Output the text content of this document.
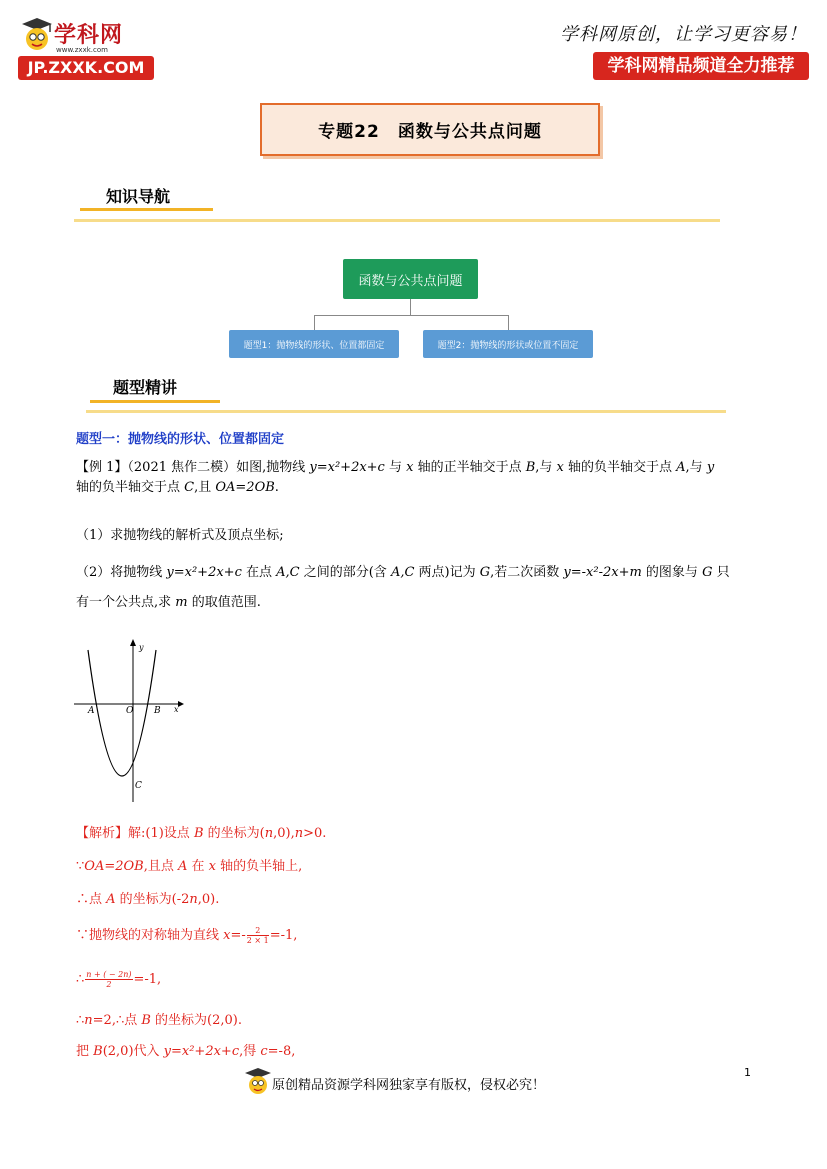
学科网
www.zxxk.com
JP.ZXXK.COM
学科网原创，让学习更容易！
学科网精品频道全力推荐
专题22　函数与公共点问题
知识导航
函数与公共点问题
题型1：抛物线的形状、位置都固定	题型2：抛物线的形状或位置不固定
题型精讲
题型一：抛物线的形状、位置都固定
【例 1】（2021 焦作二模）如图,抛物线 y=x²+2x+c 与 x 轴的正半轴交于点 B,与 x 轴的负半轴交于点 A,与 y
轴的负半轴交于点 C,且 OA=2OB.
（1）求抛物线的解析式及顶点坐标;
（2）将抛物线 y=x²+2x+c 在点 A,C 之间的部分(含 A,C 两点)记为 G,若二次函数 y=-x²-2x+m 的图象与 G 只
有一个公共点,求 m 的取值范围.
y
x
A	O B
C
【解析】解:(1)设点 B 的坐标为(n,0),n>0.
∵OA=2OB,且点 A 在 x 轴的负半轴上,
∴点 A 的坐标为(-2n,0).
∵抛物线的对称轴为直线 $x=- \frac{2}{2 \times 1} =-1$,
∴ $\frac{n + ( - 2n)}{2} =-1$,
∴n=2,∴点 B 的坐标为(2,0).
把 B(2,0)代入 y=x²+2x+c,得 c=-8,
原创精品资源学科网独家享有版权，侵权必究！
1
